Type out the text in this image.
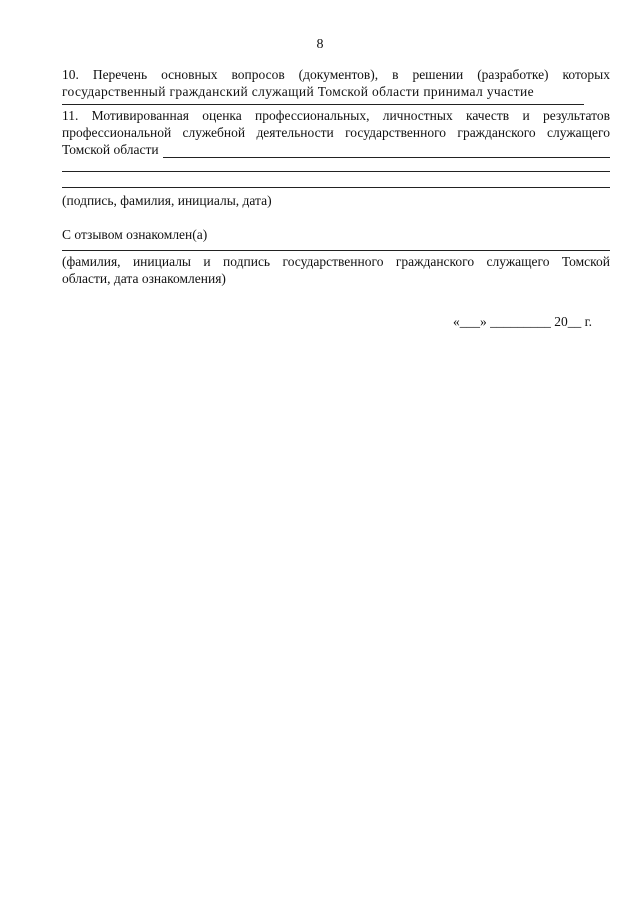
8

10. Перечень основных вопросов (документов), в решении (разработке) которых

государственный гражданский служащий Томской области принимал участие

11. Мотивированная оценка профессиональных, личностных качеств и результатов

профессиональной служебной деятельности государственного гражданского служащего

Томской области

(подпись, фамилия, инициалы, дата)

С отзывом ознакомлен(а)

(фамилия, инициалы и подпись государственного гражданского служащего Томской

области, дата ознакомления)

«___» _________ 20__ г.
